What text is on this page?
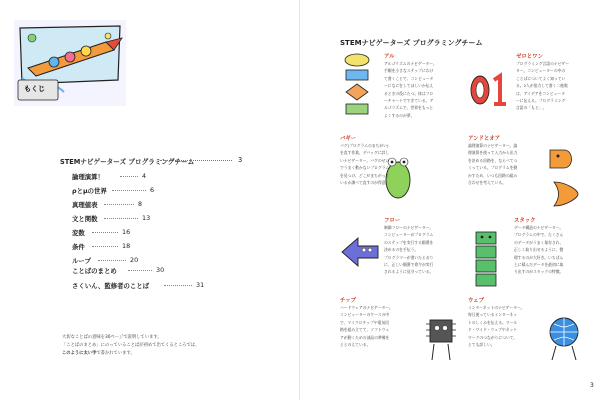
もくじ
STEMナビゲーターズ プログラミングチーム	3
論理演算！	4
ρとμの世界	6
真理値表	8
文と関数	13
変数	16
条件	18
ループ	20
ことばのまとめ	30
さくいん、監修者のことば	31
大切なことばの意味を30ページで説明しています。
「ことばのまとめ」にのっていることばが初めて出てくるところでは、
このように太い字で書かれています。
STEMナビゲーターズ プログラミングチーム
アル
アルゴリズムのナビゲーター。
手順を小さなステップにわけ
て書くことで、コンピュータ
ーになにをしてほしいか伝え
るときの役にたつ。体はフロ
ーチャートでできている。ア
ルゴリズムで、世界をもっと
よくするのが夢。
ゼロとワン
プログラミング言語のナビゲー
ター。コンピューターの中の
ことばについてよく知ってい
る。2人が協力して書く二進数
は、アイデアをコンピュータ
ーに伝える。プログラミング
言語の「もと」。
バギー
バグ(プログラムのまちがい)
を直す作業、デバッグに詳し
いナビゲーター。バグのせい
でうまく動かないプログラム
を見つけ、どこがまちがって
いるか調べて直すのが得意。
アンドとオア
論理演算のナビゲーター。論
理演算を使って入力から出力
を決める回路を、ならべてつ
くっている。プログラムを動
かすため、いつも回路の組み
合わせを考えている。
フロー
制御フローのナビゲーター。
コンピューターがプログラム
のステップを実行する順番を
決めるのを手伝う。
プログラマーが書いたとおり
に、正しい順番で命令が実行
されるように見守っている。
スタック
データ構造のナビゲーター。
プログラムの中で、たくさん
のデータがうまく保存され、
正しく取り出せるように、整
理するのが大好き。いちばん
上に積んだデータを最初に取
り出すのがスタックの特徴。
チップ
ハードウェアのナビゲーター。
コンピューターのケースの中
で、マイクロチップや電気回
路を組み立てて、ソフトウェ
アが動くための部品の準備を
ととのえている。
ウェブ
インターネットのナビゲーター。
毎日使っているインターネッ
トのしくみを伝える。ワール
ド・ワイド・ウェブやネット
ワークのつながりについて、
とても詳しい。
3
